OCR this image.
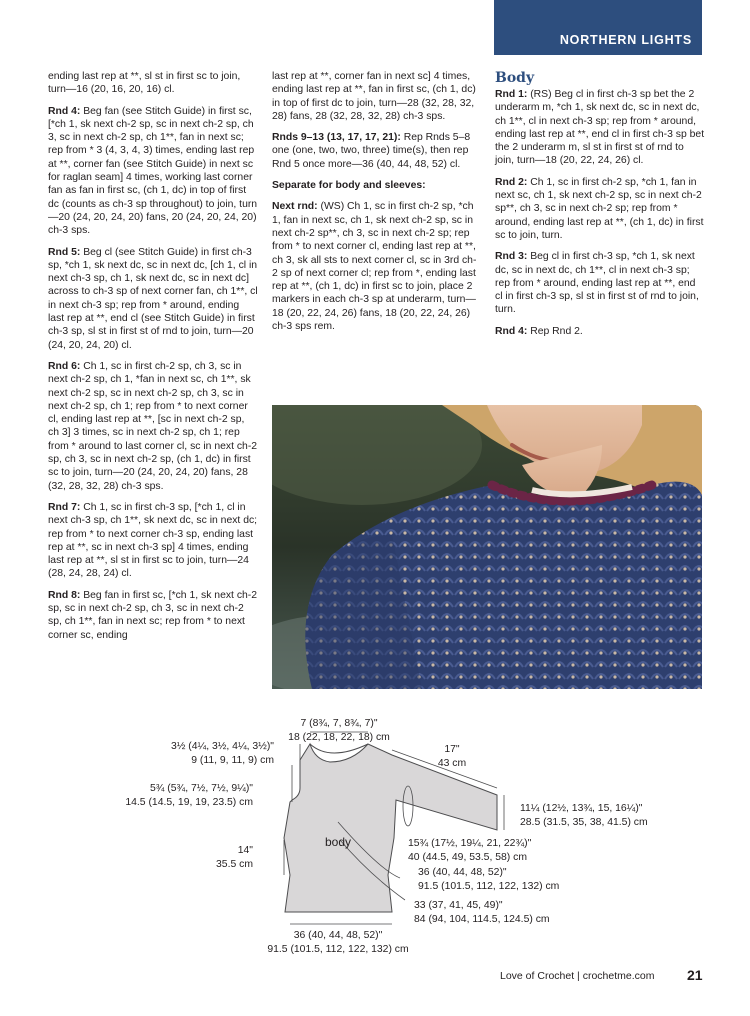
NORTHERN LIGHTS

ending last rep at **, sl st in first sc to join, turn—16 (20, 16, 20, 16) cl.

Rnd 4: Beg fan (see Stitch Guide) in first sc, [*ch 1, sk next ch-2 sp, sc in next ch-2 sp, ch 3, sc in next ch-2 sp, ch 1**, fan in next sc; rep from * 3 (4, 3, 4, 3) times, ending last rep at **, corner fan (see Stitch Guide) in next sc for raglan seam] 4 times, working last corner fan as fan in first sc, (ch 1, dc) in top of first dc (counts as ch-3 sp throughout) to join, turn—20 (24, 20, 24, 20) fans, 20 (24, 20, 24, 20) ch-3 sps.

Rnd 5: Beg cl (see Stitch Guide) in first ch-3 sp, *ch 1, sk next dc, sc in next dc, [ch 1, cl in next ch-3 sp, ch 1, sk next dc, sc in next dc] across to ch-3 sp of next corner fan, ch 1**, cl in next ch-3 sp; rep from * around, ending last rep at **, end cl (see Stitch Guide) in first ch-3 sp, sl st in first st of rnd to join, turn—20 (24, 20, 24, 20) cl.

Rnd 6: Ch 1, sc in first ch-2 sp, ch 3, sc in next ch-2 sp, ch 1, *fan in next sc, ch 1**, sk next ch-2 sp, sc in next ch-2 sp, ch 3, sc in next ch-2 sp, ch 1; rep from * to next corner cl, ending last rep at **, [sc in next ch-2 sp, ch 3] 3 times, sc in next ch-2 sp, ch 1; rep from * around to last corner cl, sc in next ch-2 sp, ch 3, sc in next ch-2 sp, (ch 1, dc) in first sc to join, turn—20 (24, 20, 24, 20) fans, 28 (32, 28, 32, 28) ch-3 sps.

Rnd 7: Ch 1, sc in first ch-3 sp, [*ch 1, cl in next ch-3 sp, ch 1**, sk next dc, sc in next dc; rep from * to next corner ch-3 sp, ending last rep at **, sc in next ch-3 sp] 4 times, ending last rep at **, sl st in first sc to join, turn—24 (28, 24, 28, 24) cl.

Rnd 8: Beg fan in first sc, [*ch 1, sk next ch-2 sp, sc in next ch-2 sp, ch 3, sc in next ch-2 sp, ch 1**, fan in next sc; rep from * to next corner sc, ending

last rep at **, corner fan in next sc] 4 times, ending last rep at **, fan in first sc, (ch 1, dc) in top of first dc to join, turn—28 (32, 28, 32, 28) fans, 28 (32, 28, 32, 28) ch-3 sps.

Rnds 9–13 (13, 17, 17, 21): Rep Rnds 5–8 one (one, two, two, three) time(s), then rep Rnd 5 once more—36 (40, 44, 48, 52) cl.

Separate for body and sleeves:

Next rnd: (WS) Ch 1, sc in first ch-2 sp, *ch 1, fan in next sc, ch 1, sk next ch-2 sp, sc in next ch-2 sp**, ch 3, sc in next ch-2 sp; rep from * to next corner cl, ending last rep at **, ch 3, sk all sts to next corner cl, sc in 3rd ch-2 sp of next corner cl; rep from *, ending last rep at **, (ch 1, dc) in first sc to join, place 2 markers in each ch-3 sp at underarm, turn—18 (20, 22, 24, 26) fans, 18 (20, 22, 24, 26) ch-3 sps rem.

Body

Rnd 1: (RS) Beg cl in first ch-3 sp bet the 2 underarm m, *ch 1, sk next dc, sc in next dc, ch 1**, cl in next ch-3 sp; rep from * around, ending last rep at **, end cl in first ch-3 sp bet the 2 underarm m, sl st in first st of rnd to join, turn—18 (20, 22, 24, 26) cl.

Rnd 2: Ch 1, sc in first ch-2 sp, *ch 1, fan in next sc, ch 1, sk next ch-2 sp, sc in next ch-2 sp**, ch 3, sc in next ch-2 sp; rep from * around, ending last rep at **, (ch 1, dc) in first sc to join, turn.

Rnd 3: Beg cl in first ch-3 sp, *ch 1, sk next dc, sc in next dc, ch 1**, cl in next ch-3 sp; rep from * around, ending last rep at **, end cl in first ch-3 sp, sl st in first st of rnd to join, turn.

Rnd 4: Rep Rnd 2.

7 (8¾, 7, 8¾, 7)"
18 (22, 18, 22, 18) cm
3½ (4¼, 3½, 4¼, 3½)"
9 (11, 9, 11, 9) cm
17"
43 cm
5¾ (5¾, 7½, 7½, 9¼)"
14.5 (14.5, 19, 19, 23.5) cm
11¼ (12½, 13¾, 15, 16¼)"
28.5 (31.5, 35, 38, 41.5) cm
body
14"
35.5 cm
15¾ (17½, 19¼, 21, 22¾)"
40 (44.5, 49, 53.5, 58) cm
36 (40, 44, 48, 52)"
91.5 (101.5, 112, 122, 132) cm
33 (37, 41, 45, 49)"
84 (94, 104, 114.5, 124.5) cm
36 (40, 44, 48, 52)"
91.5 (101.5, 112, 122, 132) cm
Love of Crochet | crochetme.com 21
